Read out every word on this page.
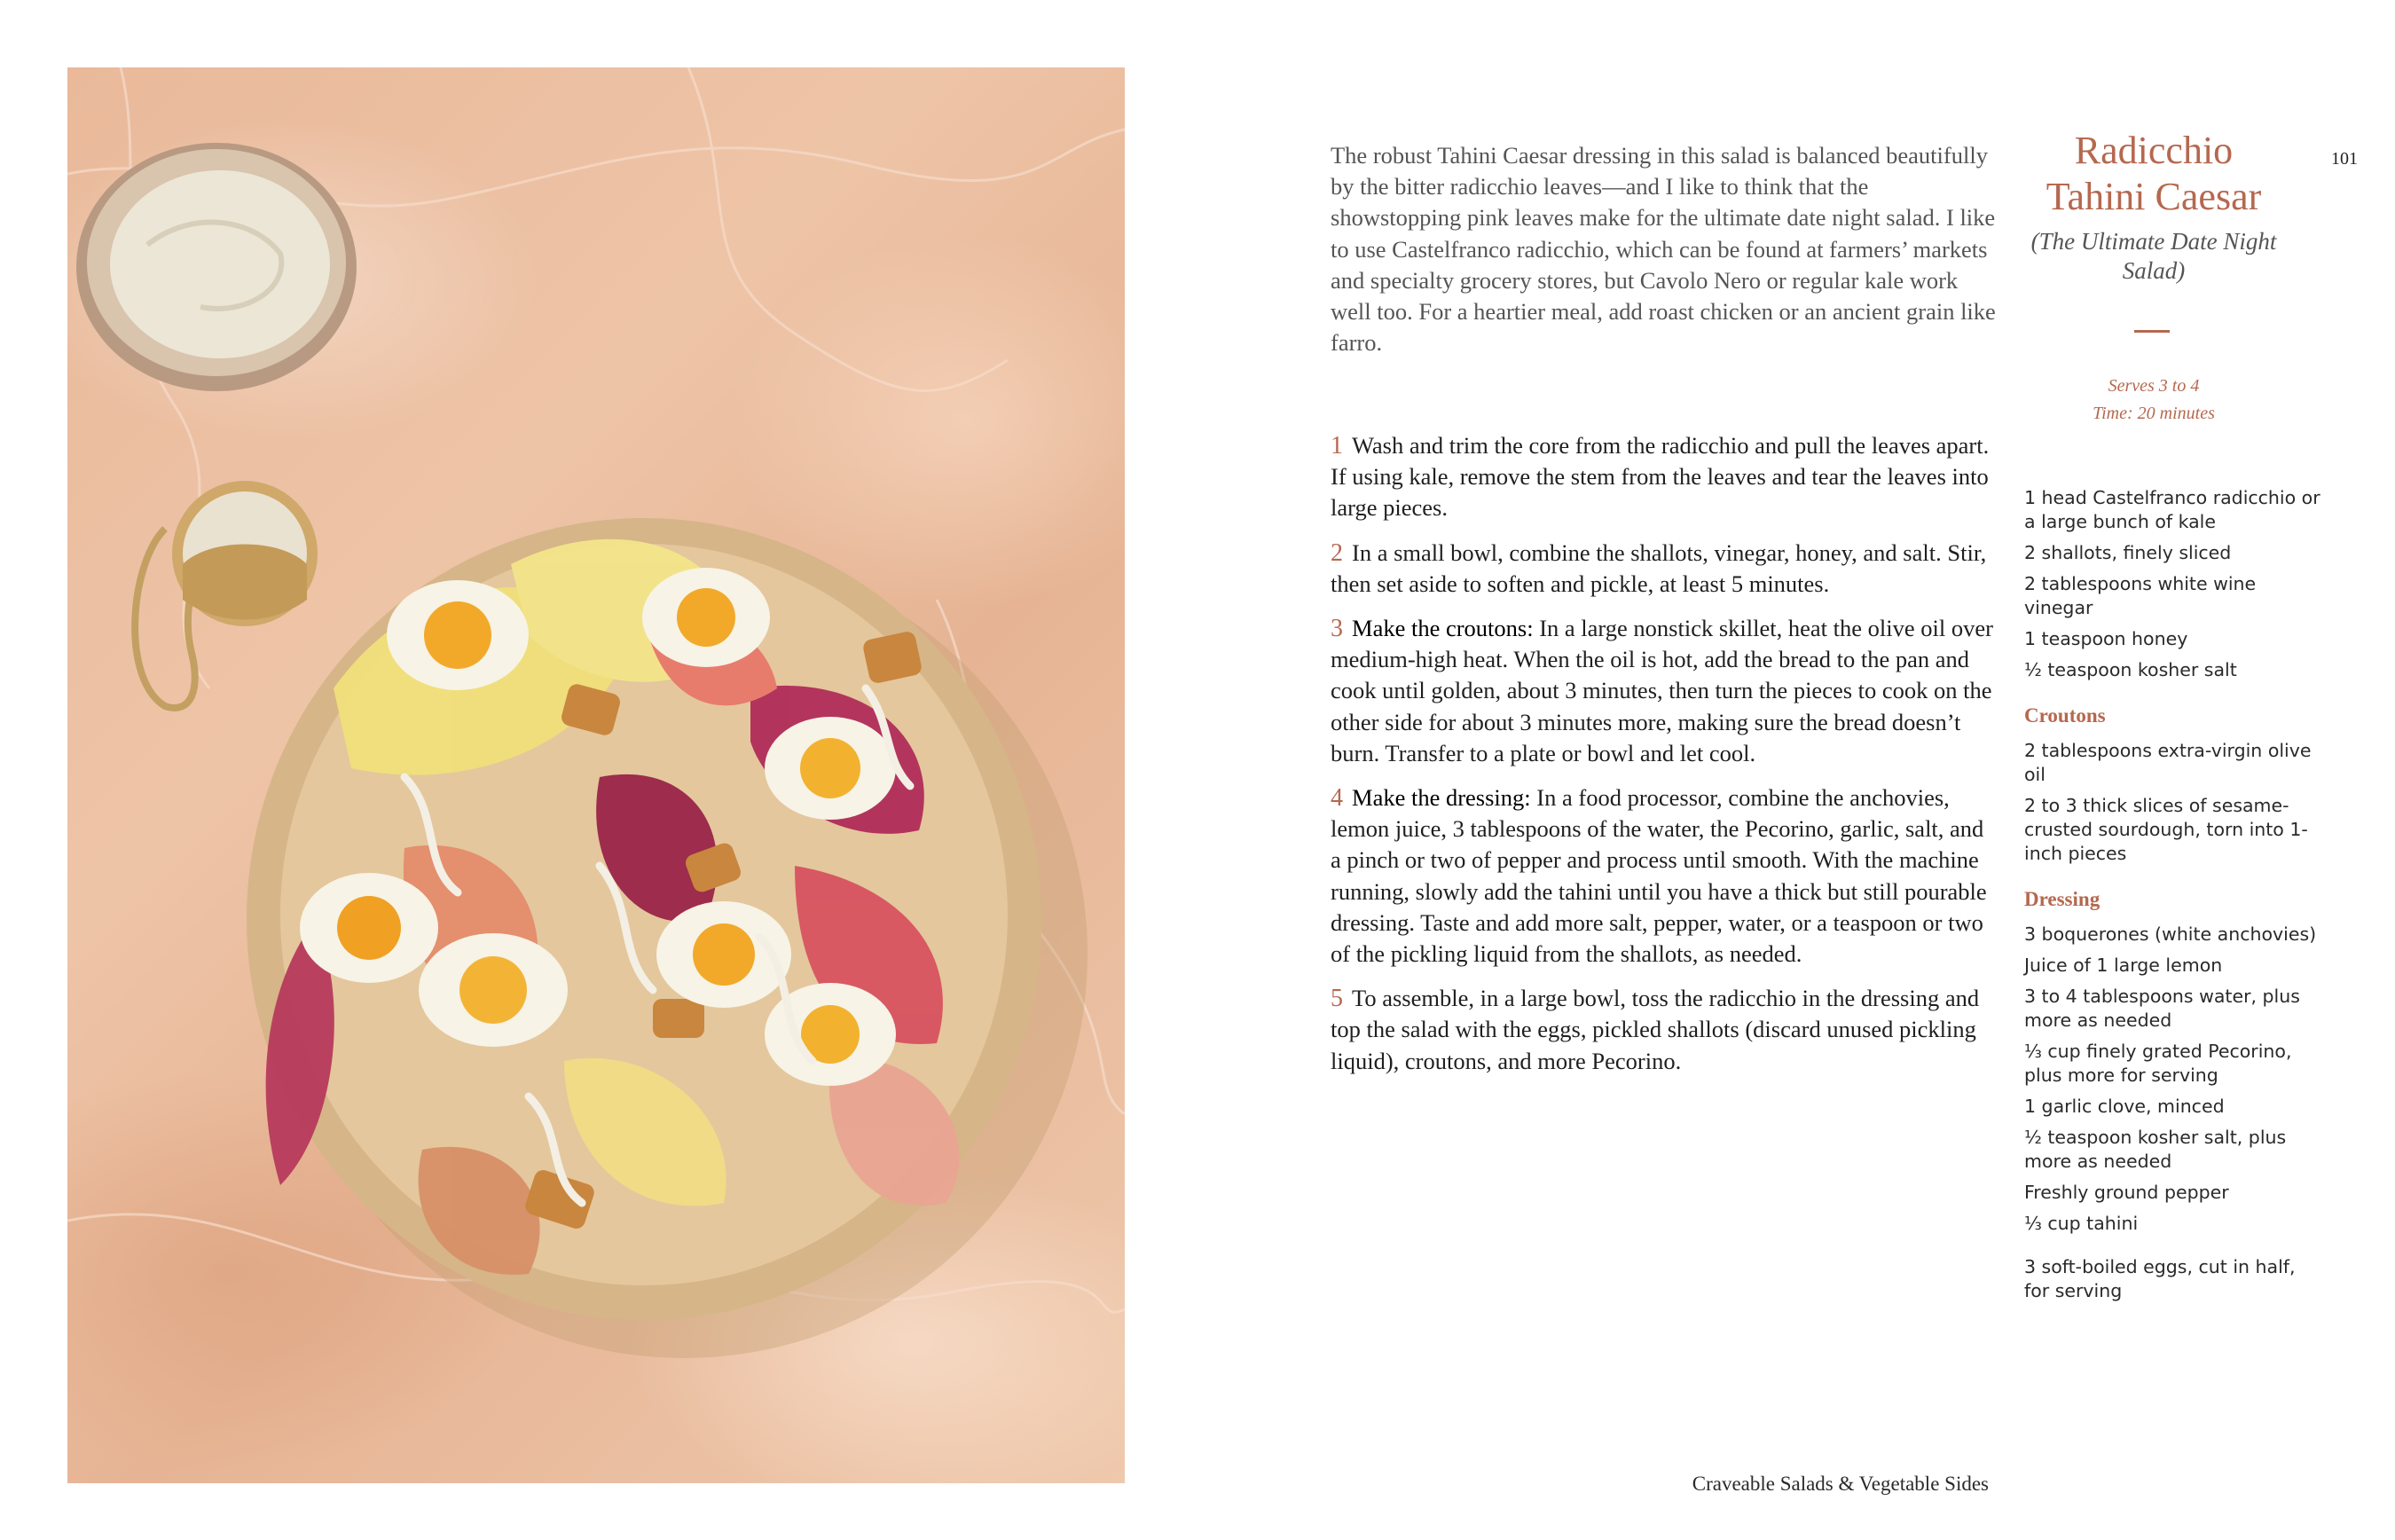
The robust Tahini Caesar dressing in this salad is balanced beautifully by the bitter radicchio leaves—and I like to think that the showstopping pink leaves make for the ultimate date night salad. I like to use Castelfranco radicchio, which can be found at farmers’ markets and specialty grocery stores, but Cavolo Nero or regular kale work well too. For a heartier meal, add roast chicken or an ancient grain like farro.

1 Wash and trim the core from the radicchio and pull the leaves apart. If using kale, remove the stem from the leaves and tear the leaves into large pieces.

2 In a small bowl, combine the shallots, vinegar, honey, and salt. Stir, then set aside to soften and pickle, at least 5 minutes.

3 Make the croutons: In a large nonstick skillet, heat the olive oil over medium-high heat. When the oil is hot, add the bread to the pan and cook until golden, about 3 minutes, then turn the pieces to cook on the other side for about 3 minutes more, making sure the bread doesn’t burn. Transfer to a plate or bowl and let cool.

4 Make the dressing: In a food processor, combine the anchovies, lemon juice, 3 tablespoons of the water, the Pecorino, garlic, salt, and a pinch or two of pepper and process until smooth. With the machine running, slowly add the tahini until you have a thick but still pourable dressing. Taste and add more salt, pepper, water, or a teaspoon or two of the pickling liquid from the shallots, as needed.

5 To assemble, in a large bowl, toss the radicchio in the dressing and top the salad with the eggs, pickled shallots (discard unused pickling liquid), croutons, and more Pecorino.

Radicchio
Tahini Caesar
(The Ultimate Date Night Salad)
Serves 3 to 4
Time: 20 minutes
101
1 head Castelfranco radicchio or a large bunch of kale
2 shallots, finely sliced
2 tablespoons white wine vinegar
1 teaspoon honey
½ teaspoon kosher salt
Croutons
2 tablespoons extra-virgin olive oil
2 to 3 thick slices of sesame-crusted sourdough, torn into 1-inch pieces
Dressing
3 boquerones (white anchovies)
Juice of 1 large lemon
3 to 4 tablespoons water, plus more as needed
⅓ cup finely grated Pecorino, plus more for serving
1 garlic clove, minced
½ teaspoon kosher salt, plus more as needed
Freshly ground pepper
⅓ cup tahini
3 soft-boiled eggs, cut in half, for serving
Craveable Salads & Vegetable Sides
